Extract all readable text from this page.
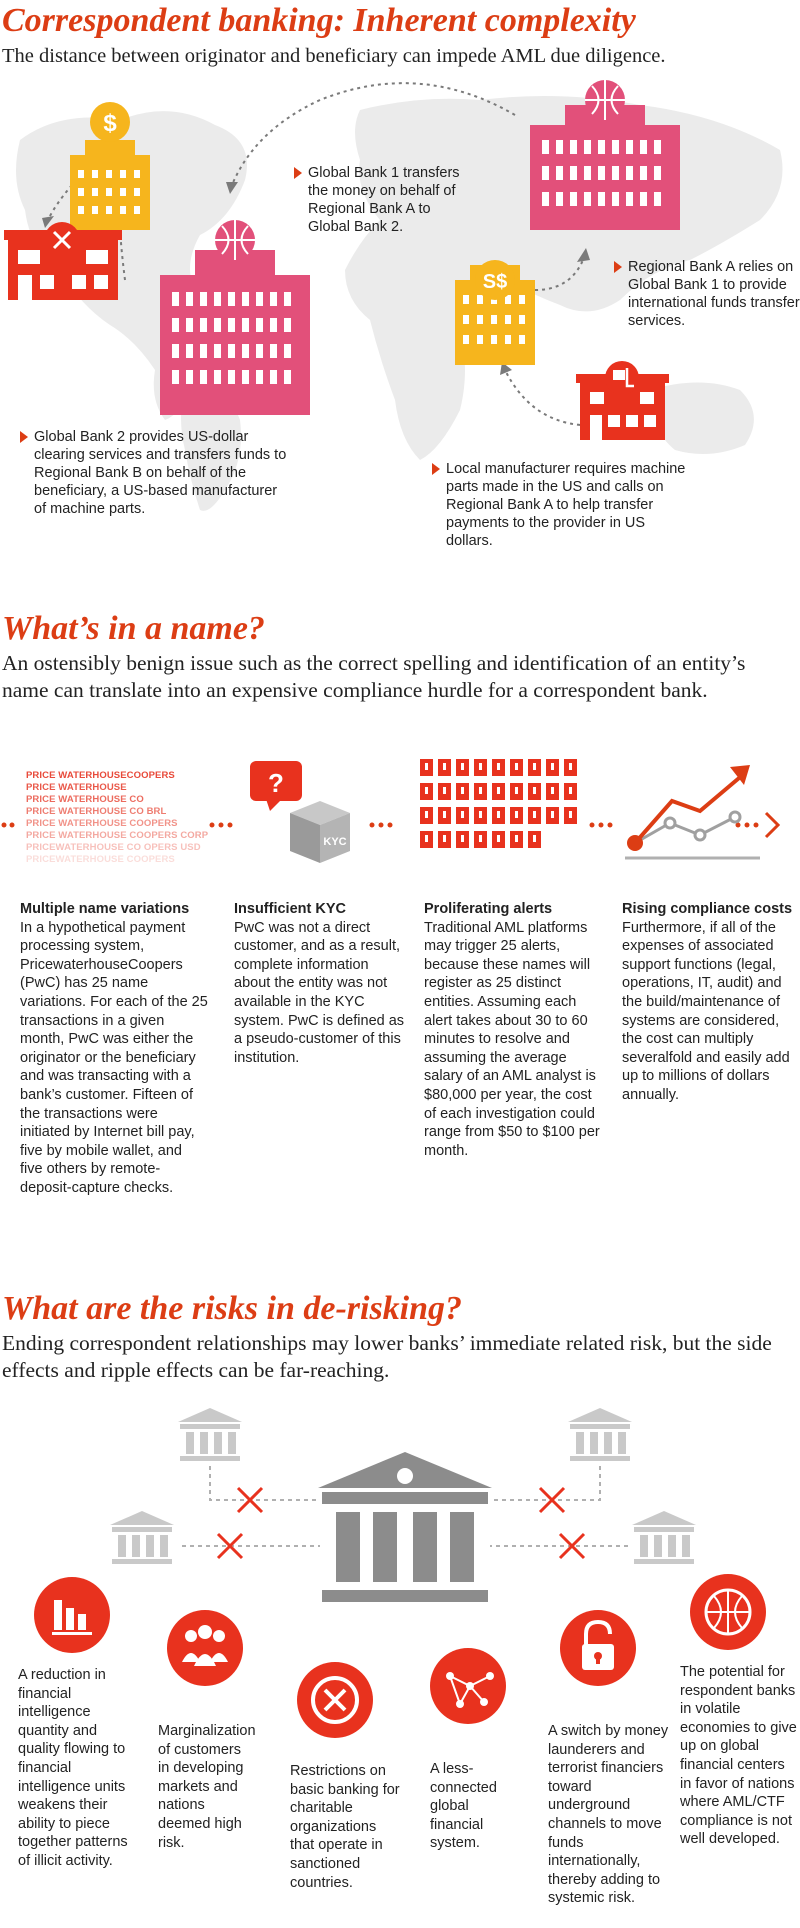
Correspondent banking: Inherent complexity
The distance between originator and beneficiary can impede AML due diligence.
$
S$
Global Bank 1 transfers the money on behalf of Regional Bank A to Global Bank 2.
Regional Bank A relies on Global Bank 1 to provide international funds transfer services.
Global Bank 2 provides US-dollar clearing services and transfers funds to Regional Bank B on behalf of the beneficiary, a US-based manufacturer of machine parts.
Local manufacturer requires machine parts made in the US and calls on Regional Bank A to help transfer payments to the provider in US dollars.
What’s in a name?
An ostensibly benign issue such as the correct spelling and identification of an entity’s name can translate into an expensive compliance hurdle for a correspondent bank.
PRICE WATERHOUSECOOPERS
PRICE WATERHOUSE
PRICE WATERHOUSE CO
PRICE WATERHOUSE CO BRL
PRICE WATERHOUSE COOPERS
PRICE WATERHOUSE COOPERS CORP
PRICEWATERHOUSE CO OPERS USD
PRICEWATERHOUSE COOPERS
?
KYC
Multiple name variations
In a hypothetical payment processing system, PricewaterhouseCoopers (PwC) has 25 name variations. For each of the 25 transactions in a given month, PwC was either the originator or the beneficiary and was transacting with a bank’s customer. Fifteen of the transactions were initiated by Internet bill pay, five by mobile wallet, and five others by remote-deposit-capture checks.
Insufficient KYC
PwC was not a direct customer, and as a result, complete information about the entity was not available in the KYC system. PwC is defined as a pseudo-customer of this institution.
Proliferating alerts
Traditional AML platforms may trigger 25 alerts, because these names will register as 25 distinct entities. Assuming each alert takes about 30 to 60 minutes to resolve and assuming the average salary of an AML analyst is $80,000 per year, the cost of each investigation could range from $50 to $100 per month.
Rising compliance costs
Furthermore, if all of the expenses of associated support functions (legal, operations, IT, audit) and the build/maintenance of systems are considered, the cost can multiply severalfold and easily add up to millions of dollars annually.
What are the risks in de-risking?
Ending correspondent relationships may lower banks’ immediate related risk, but the side effects and ripple effects can be far-reaching.
A reduction in financial intelligence quantity and quality flowing to financial intelligence units weakens their ability to piece together patterns of illicit activity.
Marginalization of customers in developing markets and nations deemed high risk.
Restrictions on basic banking for charitable organizations that operate in sanctioned countries.
A less-connected global financial system.
A switch by money launderers and terrorist financiers toward underground channels to move funds internationally, thereby adding to systemic risk.
The potential for respondent banks in volatile economies to give up on global financial centers in favor of nations where AML/CTF compliance is not well developed.
